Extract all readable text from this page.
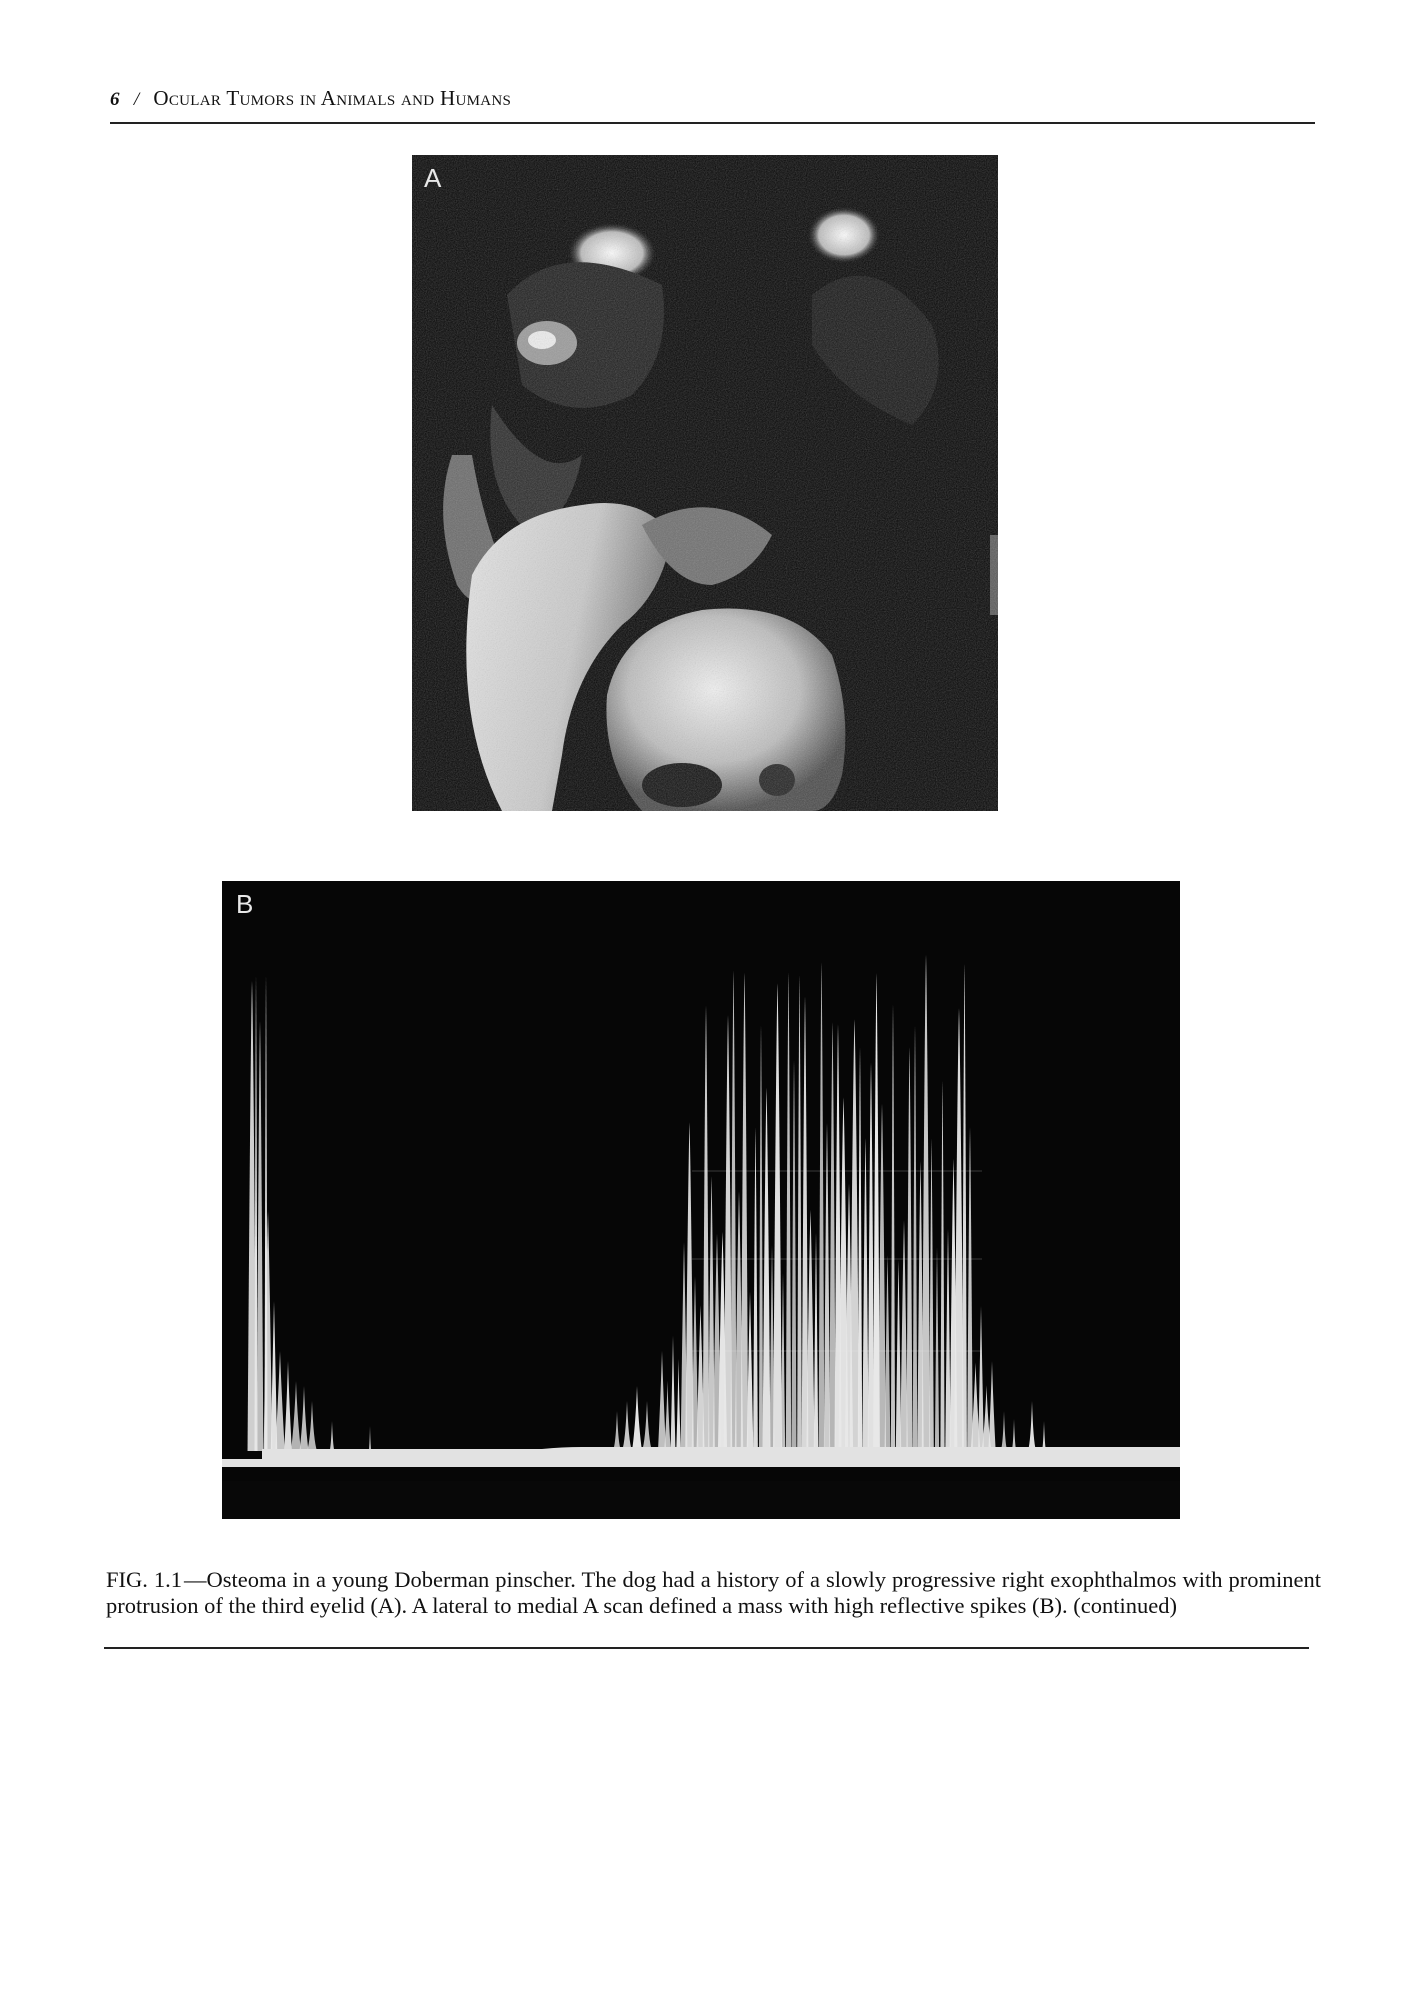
6 / Ocular Tumors in Animals and Humans
A
B

FIG. 1.1—Osteoma in a young Doberman pinscher. The dog had a history of a slowly progressive right exophthalmos with prominent protrusion of the third eyelid (A). A lateral to medial A scan defined a mass with high reflective spikes (B). (continued)
